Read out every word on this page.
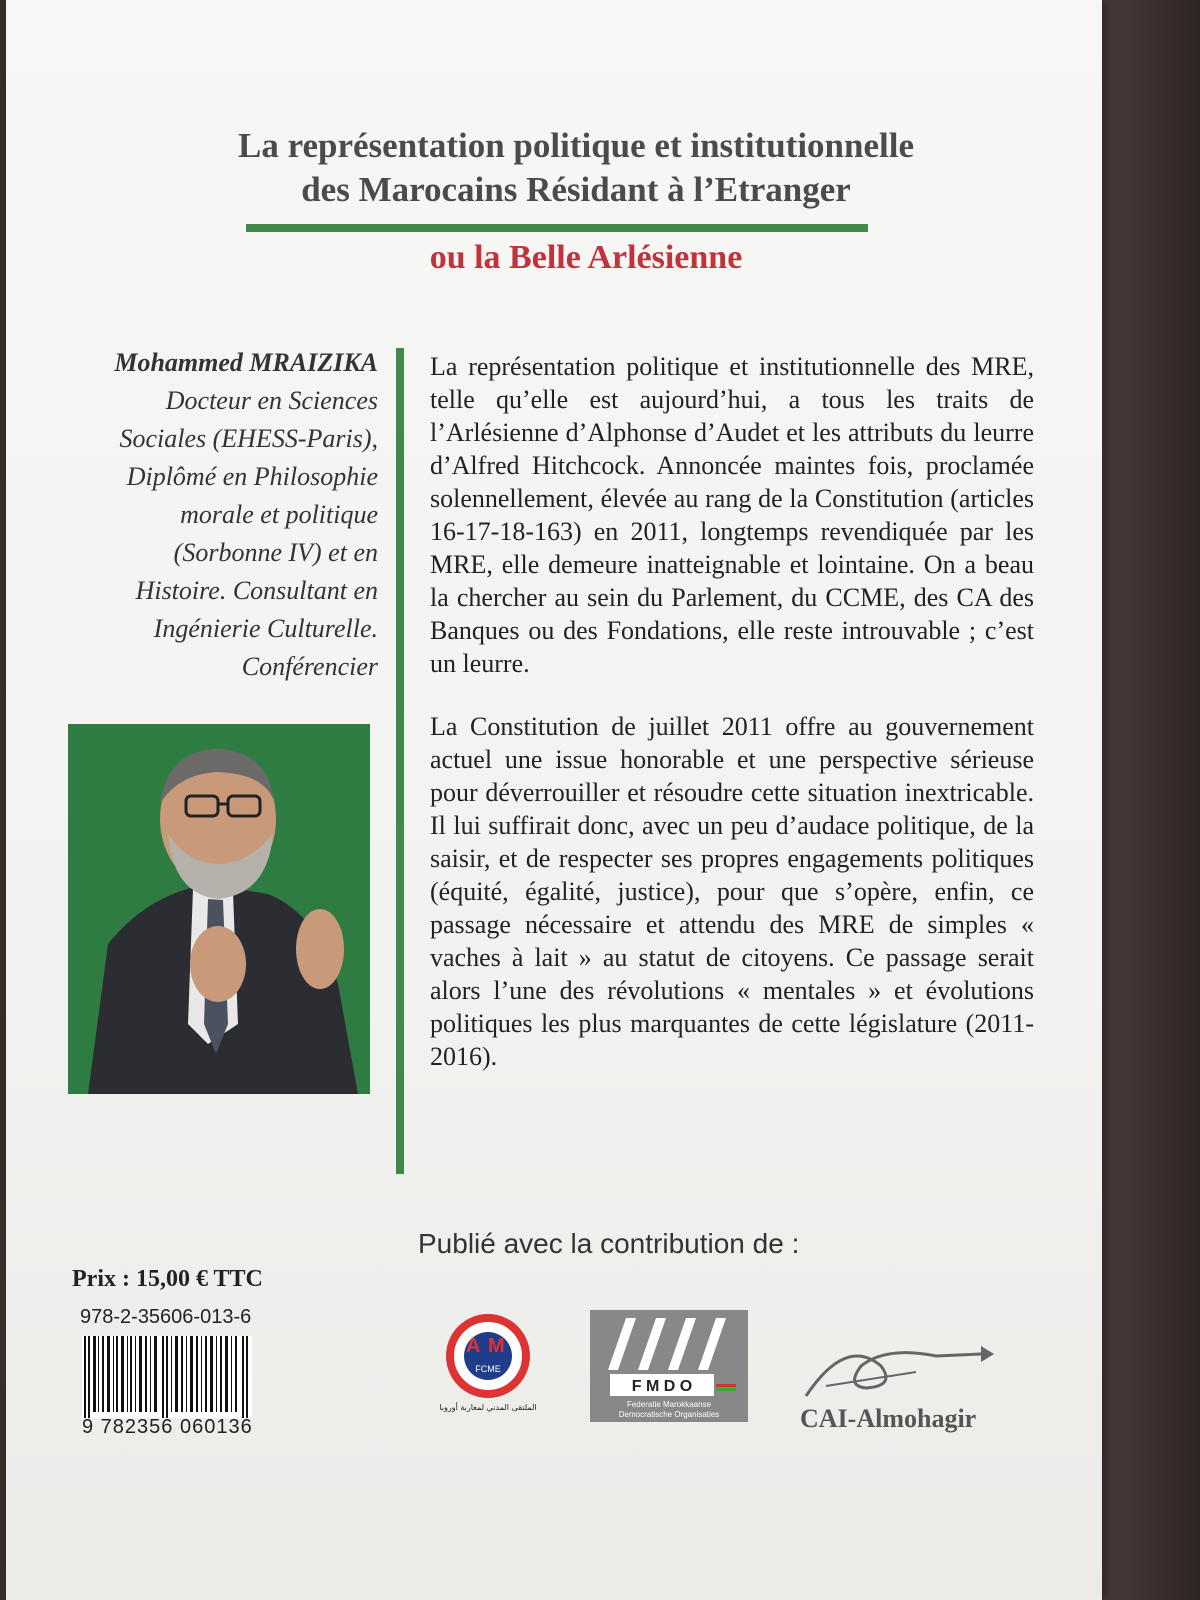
La représentation politique et institutionnelle
des Marocains Résidant à l’Etranger
ou la Belle Arlésienne
Mohammed MRAIZIKA
Docteur en Sciences
Sociales (EHESS-Paris),
Diplômé en Philosophie
morale et politique
(Sorbonne IV) et en
Histoire. Consultant en
Ingénierie Culturelle.
Conférencier

La représentation politique et institutionnelle des MRE, telle qu’elle est aujourd’hui, a tous les traits de l’Arlésienne d’Alphonse d’Audet et les attributs du leurre d’Alfred Hitchcock. Annoncée maintes fois, proclamée solennellement, élevée au rang de la Constitution (articles 16-17-18-163) en 2011, longtemps revendiquée par les MRE, elle demeure inatteignable et lointaine. On a beau la chercher au sein du Parlement, du CCME, des CA des Banques ou des Fondations, elle reste introuvable ; c’est un leurre.

La Constitution de juillet 2011 offre au gouvernement actuel une issue honorable et une perspective sérieuse pour déverrouiller et résoudre cette situation inextricable. Il lui suffirait donc, avec un peu d’audace politique, de la saisir, et de respecter ses propres engagements politiques (équité, égalité, justice), pour que s’opère, enfin, ce passage nécessaire et attendu des MRE de simples « vaches à lait » au statut de citoyens. Ce passage serait alors l’une des révolutions « mentales » et évolutions politiques les plus marquantes de cette législature (2011-2016).

Publié avec la contribution de :
Prix : 15,00 € TTC
978-2-35606-013-6
9 782356 060136
A M
FCME
الملتقى المدني لمغاربة أوروبا
F M D O
Federatie Marokkaanse
Democratische Organisaties	CAI-Almohagir
